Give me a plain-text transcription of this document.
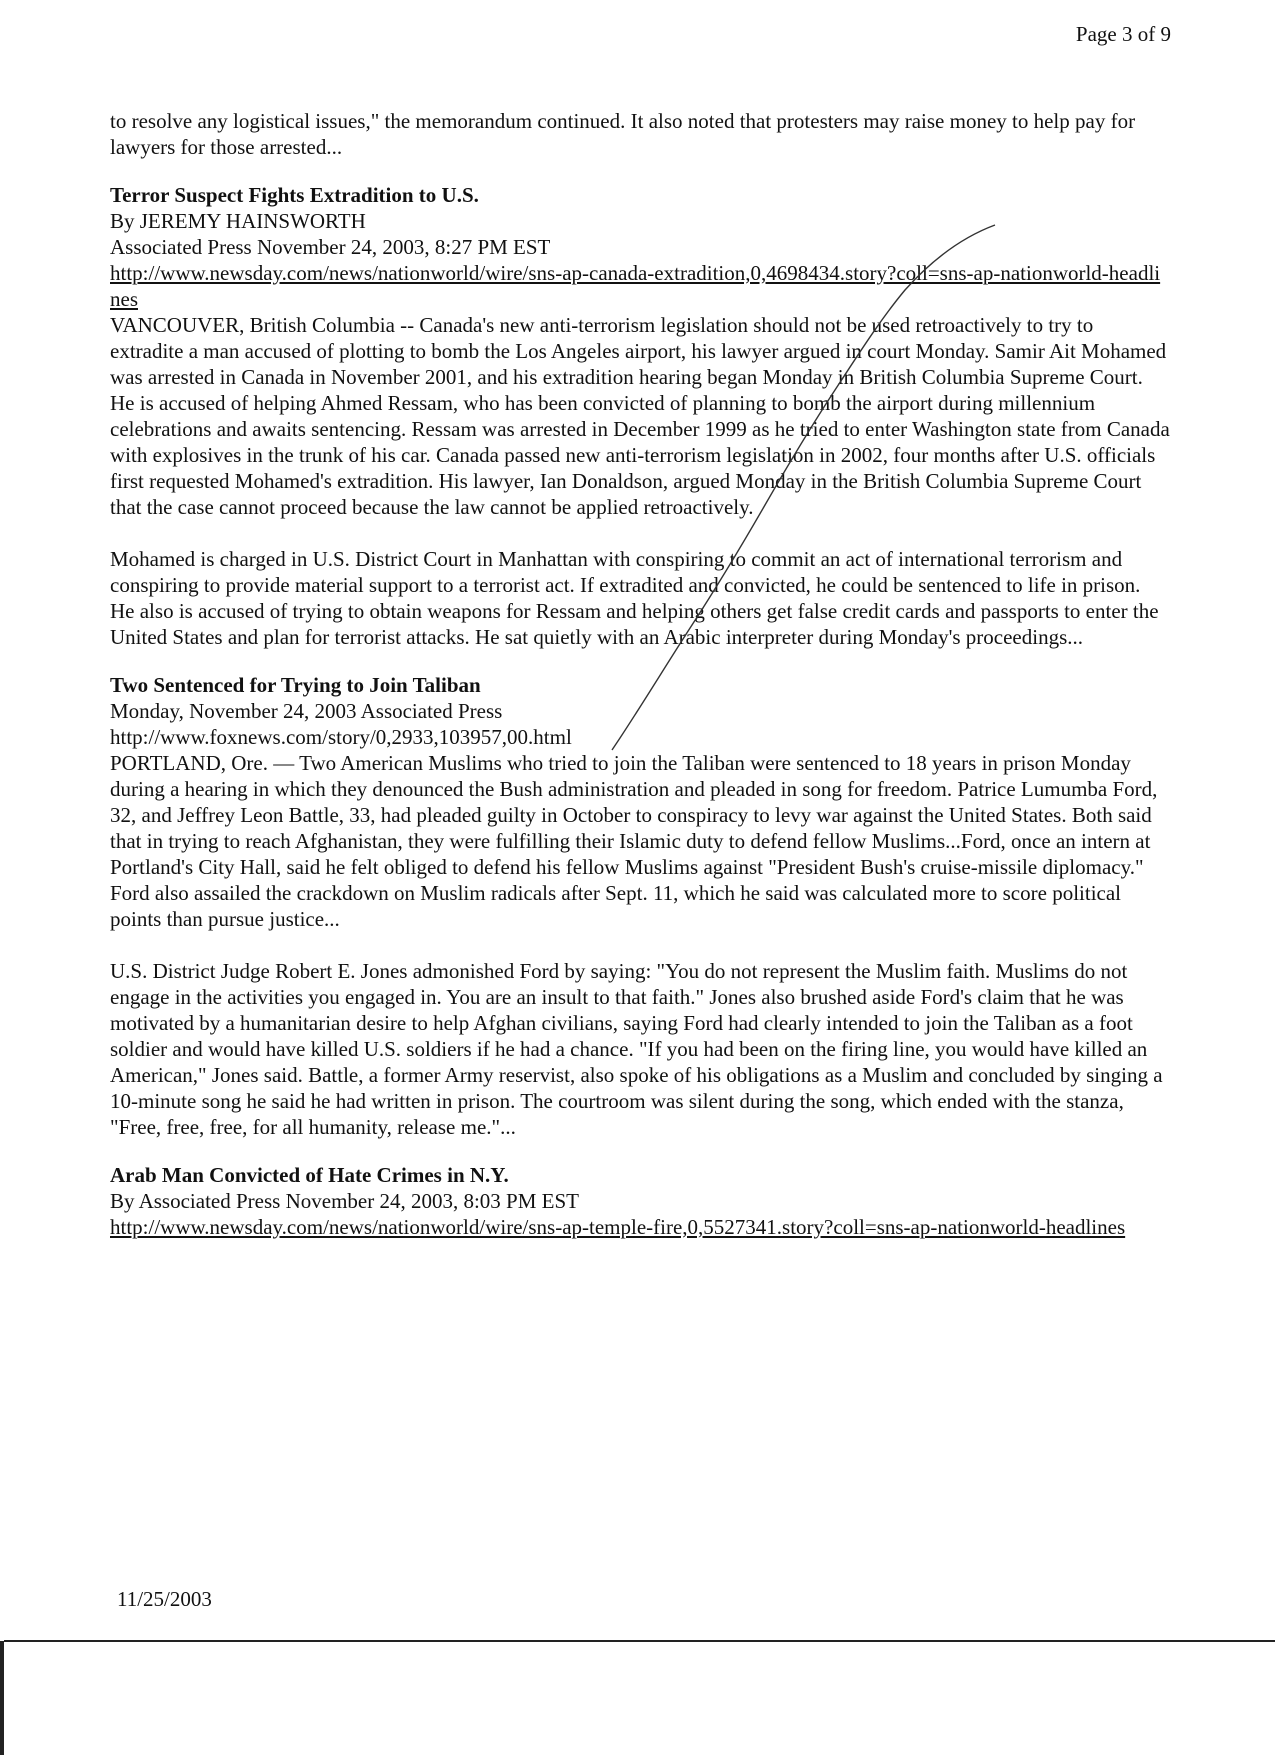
Page 3 of 9

to resolve any logistical issues," the memorandum continued. It also noted that protesters may raise money to help pay for lawyers for those arrested...

Terror Suspect Fights Extradition to U.S.
By JEREMY HAINSWORTH
Associated Press November 24, 2003, 8:27 PM EST
http://www.newsday.com/news/nationworld/wire/sns-ap-canada-extradition,0,4698434.story?coll=sns-ap-nationworld-headlines

VANCOUVER, British Columbia -- Canada's new anti-terrorism legislation should not be used retroactively to try to extradite a man accused of plotting to bomb the Los Angeles airport, his lawyer argued in court Monday. Samir Ait Mohamed was arrested in Canada in November 2001, and his extradition hearing began Monday in British Columbia Supreme Court. He is accused of helping Ahmed Ressam, who has been convicted of planning to bomb the airport during millennium celebrations and awaits sentencing. Ressam was arrested in December 1999 as he tried to enter Washington state from Canada with explosives in the trunk of his car. Canada passed new anti-terrorism legislation in 2002, four months after U.S. officials first requested Mohamed's extradition. His lawyer, Ian Donaldson, argued Monday in the British Columbia Supreme Court that the case cannot proceed because the law cannot be applied retroactively.

Mohamed is charged in U.S. District Court in Manhattan with conspiring to commit an act of international terrorism and conspiring to provide material support to a terrorist act. If extradited and convicted, he could be sentenced to life in prison. He also is accused of trying to obtain weapons for Ressam and helping others get false credit cards and passports to enter the United States and plan for terrorist attacks. He sat quietly with an Arabic interpreter during Monday's proceedings...

Two Sentenced for Trying to Join Taliban
Monday, November 24, 2003 Associated Press
http://www.foxnews.com/story/0,2933,103957,00.html

PORTLAND, Ore. — Two American Muslims who tried to join the Taliban were sentenced to 18 years in prison Monday during a hearing in which they denounced the Bush administration and pleaded in song for freedom. Patrice Lumumba Ford, 32, and Jeffrey Leon Battle, 33, had pleaded guilty in October to conspiracy to levy war against the United States. Both said that in trying to reach Afghanistan, they were fulfilling their Islamic duty to defend fellow Muslims...Ford, once an intern at Portland's City Hall, said he felt obliged to defend his fellow Muslims against "President Bush's cruise-missile diplomacy." Ford also assailed the crackdown on Muslim radicals after Sept. 11, which he said was calculated more to score political points than pursue justice...

U.S. District Judge Robert E. Jones admonished Ford by saying: "You do not represent the Muslim faith. Muslims do not engage in the activities you engaged in. You are an insult to that faith." Jones also brushed aside Ford's claim that he was motivated by a humanitarian desire to help Afghan civilians, saying Ford had clearly intended to join the Taliban as a foot soldier and would have killed U.S. soldiers if he had a chance. "If you had been on the firing line, you would have killed an American," Jones said. Battle, a former Army reservist, also spoke of his obligations as a Muslim and concluded by singing a 10-minute song he said he had written in prison. The courtroom was silent during the song, which ended with the stanza, "Free, free, free, for all humanity, release me."...

Arab Man Convicted of Hate Crimes in N.Y.
By Associated Press November 24, 2003, 8:03 PM EST
http://www.newsday.com/news/nationworld/wire/sns-ap-temple-fire,0,5527341.story?coll=sns-ap-nationworld-headlines
11/25/2003
